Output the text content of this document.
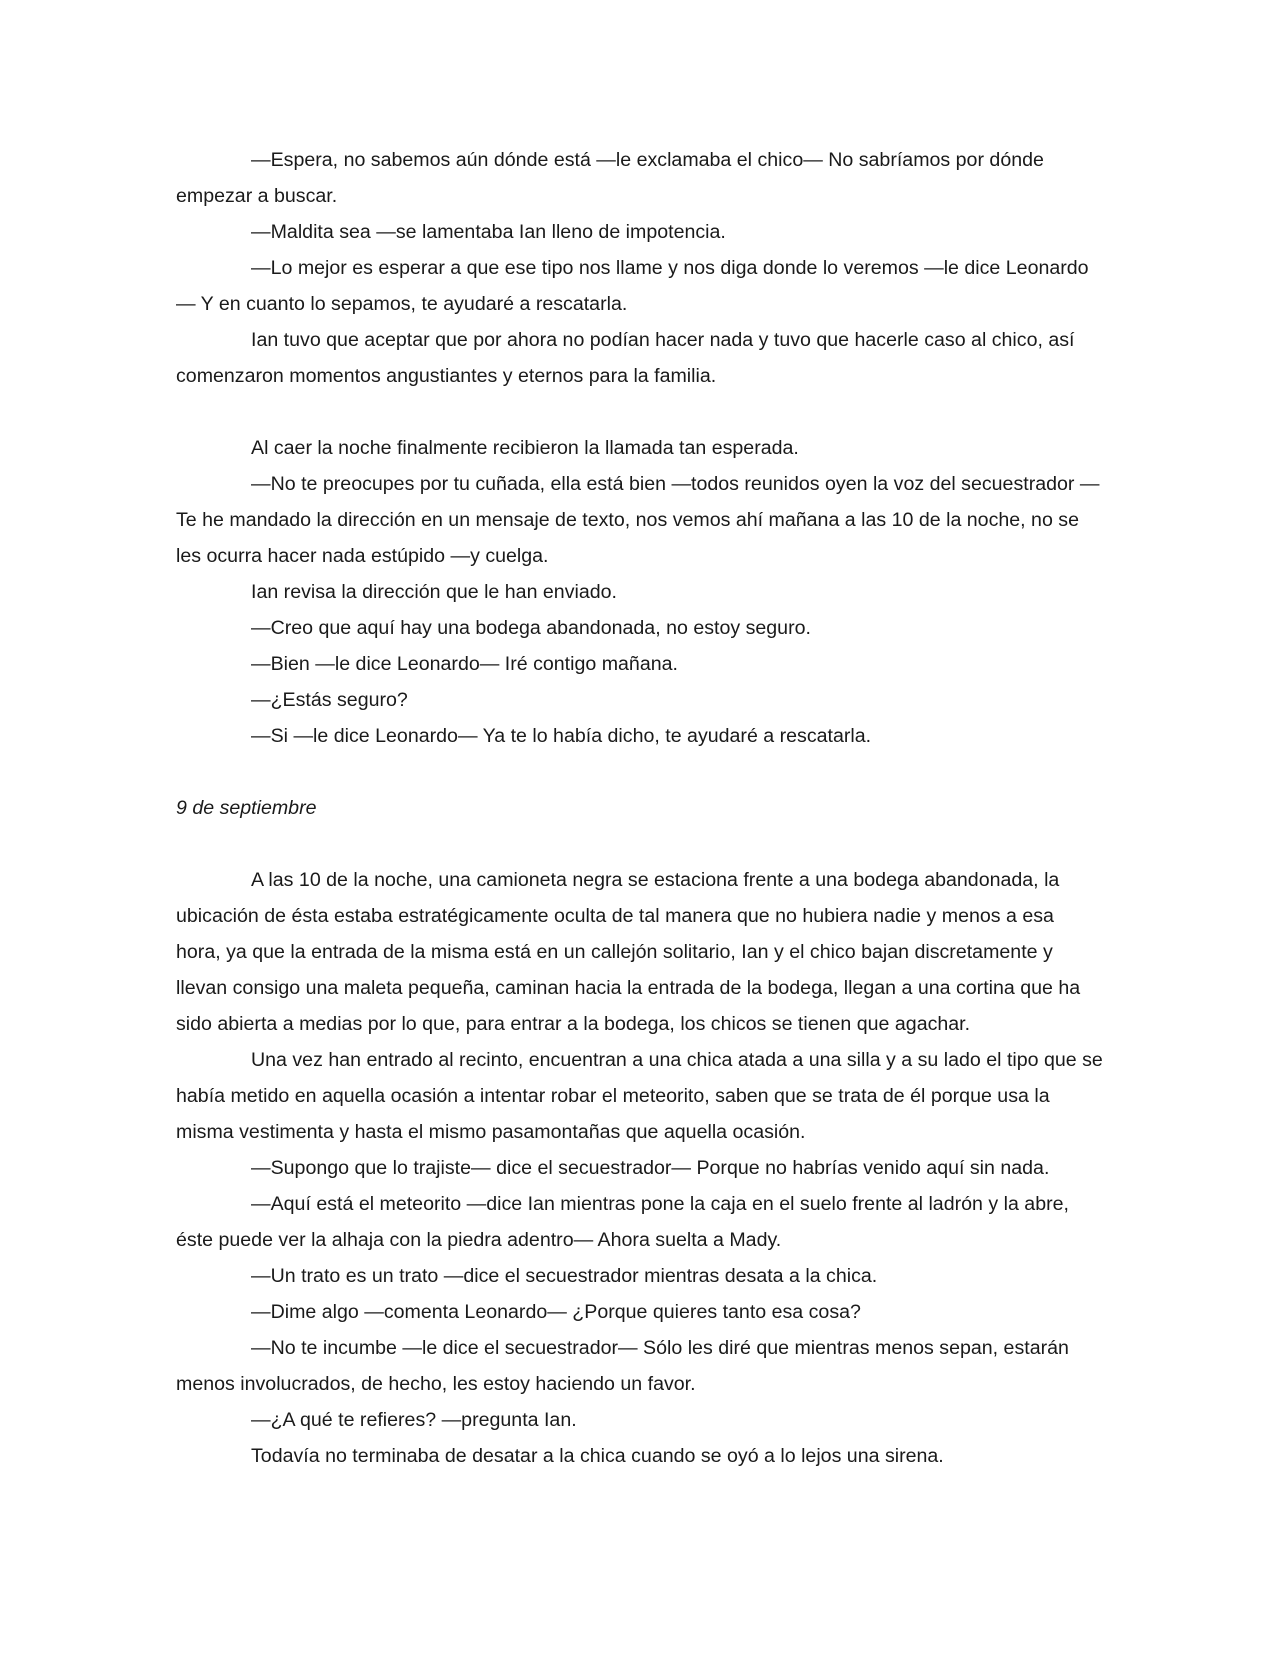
—Espera, no sabemos aún dónde está —le exclamaba el chico— No sabríamos por dónde empezar a buscar.

—Maldita sea —se lamentaba Ian lleno de impotencia.

—Lo mejor es esperar a que ese tipo nos llame y nos diga donde lo veremos —le dice Leonardo— Y en cuanto lo sepamos, te ayudaré a rescatarla.

Ian tuvo que aceptar que por ahora no podían hacer nada y tuvo que hacerle caso al chico, así comenzaron momentos angustiantes y eternos para la familia.

Al caer la noche finalmente recibieron la llamada tan esperada.

—No te preocupes por tu cuñada, ella está bien —todos reunidos oyen la voz del secuestrador —Te he mandado la dirección en un mensaje de texto, nos vemos ahí mañana a las 10 de la noche, no se les ocurra hacer nada estúpido —y cuelga.

Ian revisa la dirección que le han enviado.

—Creo que aquí hay una bodega abandonada, no estoy seguro.

—Bien —le dice Leonardo— Iré contigo mañana.

—¿Estás seguro?

—Si —le dice Leonardo— Ya te lo había dicho, te ayudaré a rescatarla.

9 de septiembre

A las 10 de la noche, una camioneta negra se estaciona frente a una bodega abandonada, la ubicación de ésta estaba estratégicamente oculta de tal manera que no hubiera nadie y menos a esa hora, ya que la entrada de la misma está en un callejón solitario, Ian y el chico bajan discretamente y llevan consigo una maleta pequeña, caminan hacia la entrada de la bodega, llegan a una cortina que ha sido abierta a medias por lo que, para entrar a la bodega, los chicos se tienen que agachar.

Una vez han entrado al recinto, encuentran a una chica atada a una silla y a su lado el tipo que se había metido en aquella ocasión a intentar robar el meteorito, saben que se trata de él porque usa la misma vestimenta y hasta el mismo pasamontañas que aquella ocasión.

—Supongo que lo trajiste— dice el secuestrador— Porque no habrías venido aquí sin nada.

—Aquí está el meteorito —dice Ian mientras pone la caja en el suelo frente al ladrón y la abre, éste puede ver la alhaja con la piedra adentro— Ahora suelta a Mady.

—Un trato es un trato —dice el secuestrador mientras desata a la chica.

—Dime algo —comenta Leonardo— ¿Porque quieres tanto esa cosa?

—No te incumbe —le dice el secuestrador— Sólo les diré que mientras menos sepan, estarán menos involucrados, de hecho, les estoy haciendo un favor.

—¿A qué te refieres? —pregunta Ian.

Todavía no terminaba de desatar a la chica cuando se oyó a lo lejos una sirena.
